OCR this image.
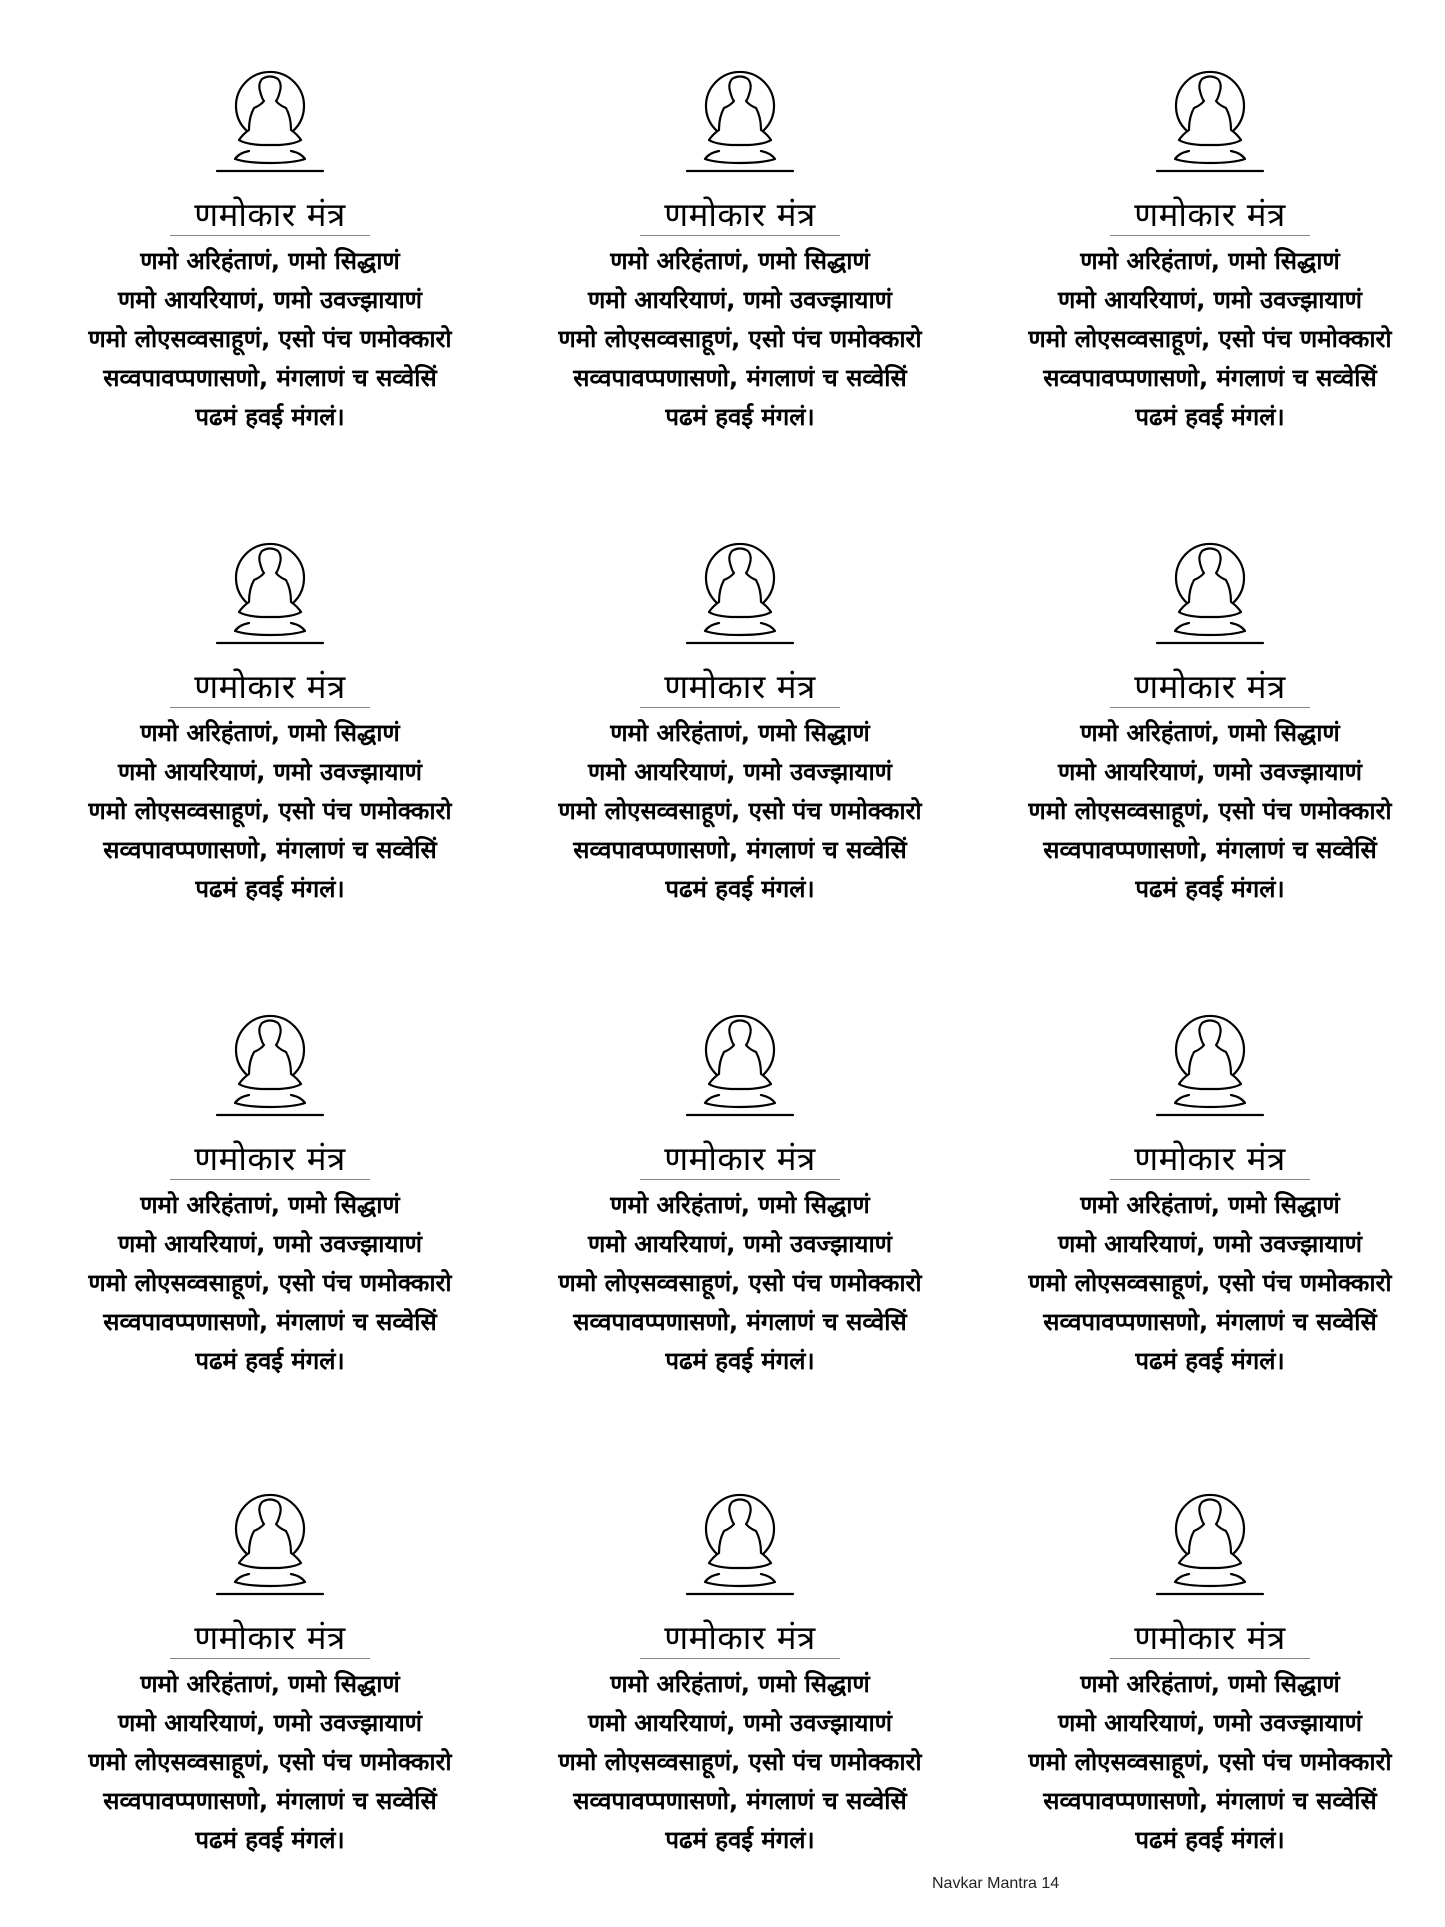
णमोकार मंत्र
णमो अरिहंताणं, णमो सिद्धाणं
णमो आयरियाणं, णमो उवज्झायाणं
णमो लोएसव्वसाहूणं, एसो पंच णमोक्कारो
सव्वपावप्पणासणो, मंगलाणं च सव्वेसिं
पढमं हवई मंगलं।
णमोकार मंत्र
णमो अरिहंताणं, णमो सिद्धाणं
णमो आयरियाणं, णमो उवज्झायाणं
णमो लोएसव्वसाहूणं, एसो पंच णमोक्कारो
सव्वपावप्पणासणो, मंगलाणं च सव्वेसिं
पढमं हवई मंगलं।
णमोकार मंत्र
णमो अरिहंताणं, णमो सिद्धाणं
णमो आयरियाणं, णमो उवज्झायाणं
णमो लोएसव्वसाहूणं, एसो पंच णमोक्कारो
सव्वपावप्पणासणो, मंगलाणं च सव्वेसिं
पढमं हवई मंगलं।
णमोकार मंत्र
णमो अरिहंताणं, णमो सिद्धाणं
णमो आयरियाणं, णमो उवज्झायाणं
णमो लोएसव्वसाहूणं, एसो पंच णमोक्कारो
सव्वपावप्पणासणो, मंगलाणं च सव्वेसिं
पढमं हवई मंगलं।
णमोकार मंत्र
णमो अरिहंताणं, णमो सिद्धाणं
णमो आयरियाणं, णमो उवज्झायाणं
णमो लोएसव्वसाहूणं, एसो पंच णमोक्कारो
सव्वपावप्पणासणो, मंगलाणं च सव्वेसिं
पढमं हवई मंगलं।
णमोकार मंत्र
णमो अरिहंताणं, णमो सिद्धाणं
णमो आयरियाणं, णमो उवज्झायाणं
णमो लोएसव्वसाहूणं, एसो पंच णमोक्कारो
सव्वपावप्पणासणो, मंगलाणं च सव्वेसिं
पढमं हवई मंगलं।
णमोकार मंत्र
णमो अरिहंताणं, णमो सिद्धाणं
णमो आयरियाणं, णमो उवज्झायाणं
णमो लोएसव्वसाहूणं, एसो पंच णमोक्कारो
सव्वपावप्पणासणो, मंगलाणं च सव्वेसिं
पढमं हवई मंगलं।
णमोकार मंत्र
णमो अरिहंताणं, णमो सिद्धाणं
णमो आयरियाणं, णमो उवज्झायाणं
णमो लोएसव्वसाहूणं, एसो पंच णमोक्कारो
सव्वपावप्पणासणो, मंगलाणं च सव्वेसिं
पढमं हवई मंगलं।
णमोकार मंत्र
णमो अरिहंताणं, णमो सिद्धाणं
णमो आयरियाणं, णमो उवज्झायाणं
णमो लोएसव्वसाहूणं, एसो पंच णमोक्कारो
सव्वपावप्पणासणो, मंगलाणं च सव्वेसिं
पढमं हवई मंगलं।
णमोकार मंत्र
णमो अरिहंताणं, णमो सिद्धाणं
णमो आयरियाणं, णमो उवज्झायाणं
णमो लोएसव्वसाहूणं, एसो पंच णमोक्कारो
सव्वपावप्पणासणो, मंगलाणं च सव्वेसिं
पढमं हवई मंगलं।
णमोकार मंत्र
णमो अरिहंताणं, णमो सिद्धाणं
णमो आयरियाणं, णमो उवज्झायाणं
णमो लोएसव्वसाहूणं, एसो पंच णमोक्कारो
सव्वपावप्पणासणो, मंगलाणं च सव्वेसिं
पढमं हवई मंगलं।
णमोकार मंत्र
णमो अरिहंताणं, णमो सिद्धाणं
णमो आयरियाणं, णमो उवज्झायाणं
णमो लोएसव्वसाहूणं, एसो पंच णमोक्कारो
सव्वपावप्पणासणो, मंगलाणं च सव्वेसिं
पढमं हवई मंगलं।
Navkar Mantra 14
